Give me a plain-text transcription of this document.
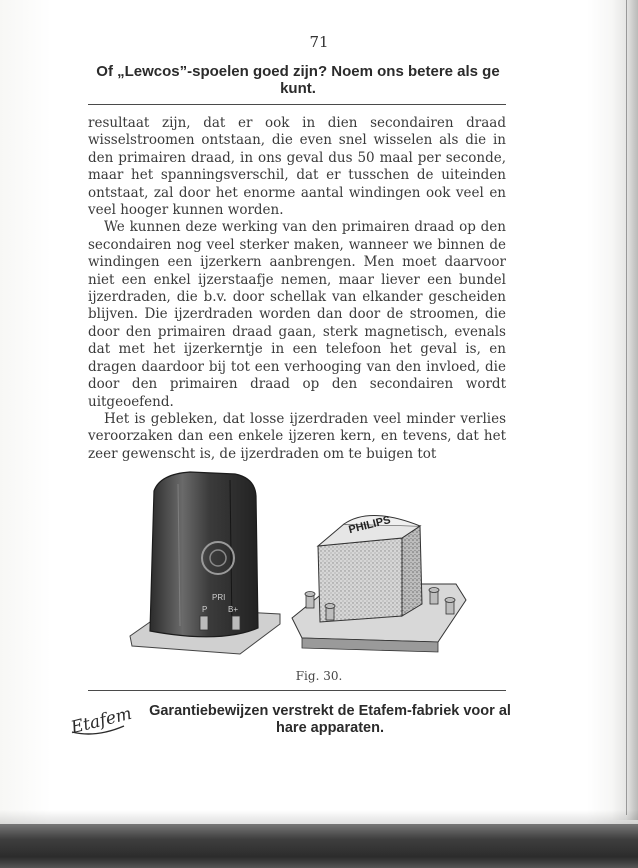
71
Of „Lewcos”-spoelen goed zijn? Noem ons betere als ge kunt.

resultaat zijn, dat er ook in dien secondairen draad wisselstroomen ontstaan, die even snel wisselen als die in den primairen draad, in ons geval dus 50 maal per seconde, maar het spanningsverschil, dat er tusschen de uiteinden ontstaat, zal door het enorme aantal windingen ook veel en veel hooger kunnen worden.

We kunnen deze werking van den primairen draad op den secondairen nog veel sterker maken, wanneer we binnen de windingen een ijzerkern aanbrengen. Men moet daarvoor niet een enkel ijzerstaafje nemen, maar liever een bundel ijzerdraden, die b.v. door schellak van elkander gescheiden blijven. Die ijzerdraden worden dan door de stroomen, die door den primairen draad gaan, sterk magnetisch, evenals dat met het ijzerkerntje in een telefoon het geval is, en dragen daardoor bij tot een verhooging van den invloed, die door den primairen draad op den secondairen wordt uitgeoefend.

Het is gebleken, dat losse ijzerdraden veel minder verlies veroorzaken dan een enkele ijzeren kern, en tevens, dat het zeer gewenscht is, de ijzerdraden om te buigen tot

PRI
P	B+
PHILIPS
Fig. 30.
Etafem	Garantiebewijzen verstrekt de Etafem-fabriek voor al hare apparaten.
